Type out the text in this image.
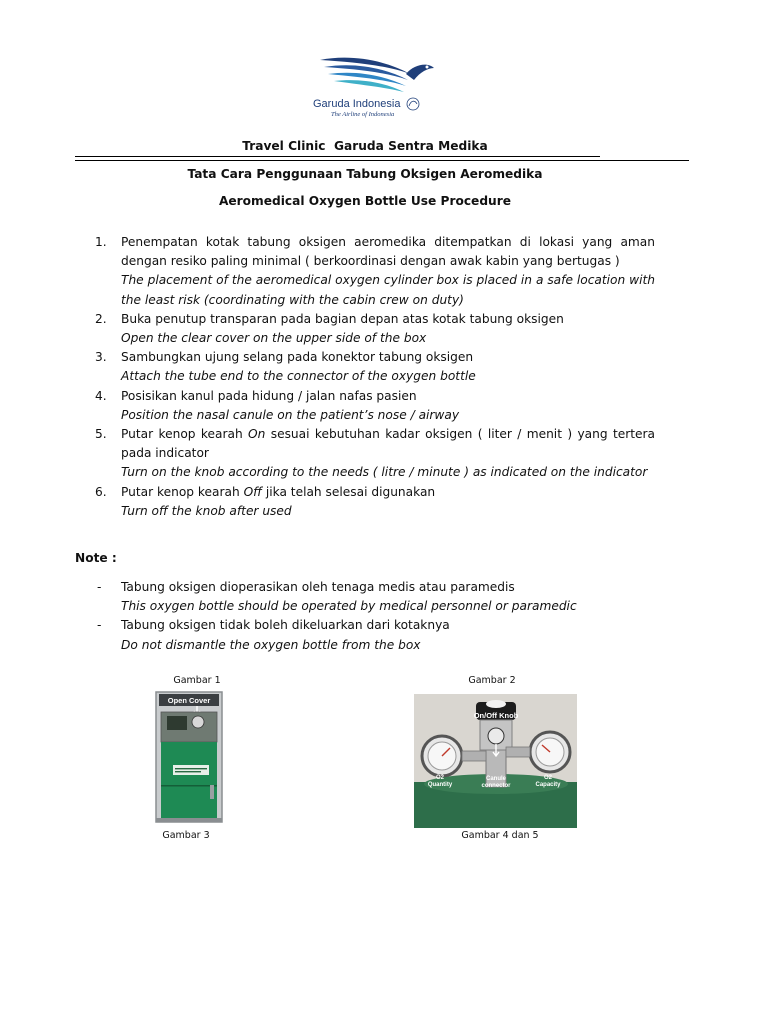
Garuda Indonesia
The Airline of Indonesia
Travel Clinic  Garuda Sentra Medika
Tata Cara Penggunaan Tabung Oksigen Aeromedika
Aeromedical Oxygen Bottle Use Procedure
1. Penempatan kotak tabung oksigen aeromedika ditempatkan di lokasi yang aman dengan resiko paling minimal ( berkoordinasi dengan awak kabin yang bertugas )
The placement of the aeromedical oxygen cylinder box is placed in a safe location with the least risk (coordinating with the cabin crew on duty)
2. Buka penutup transparan pada bagian depan atas kotak tabung oksigen
Open the clear cover on the upper side of the box
3. Sambungkan ujung selang pada konektor tabung oksigen
Attach the tube end to the connector of the oxygen bottle
4. Posisikan kanul pada hidung / jalan nafas pasien
Position the nasal canule on the patient’s nose / airway
5. Putar kenop kearah On sesuai kebutuhan kadar oksigen ( liter / menit ) yang tertera pada indicator
Turn on the knob according to the needs ( litre / minute ) as indicated on the indicator
6. Putar kenop kearah Off jika telah selesai digunakan
Turn off the knob after used
Note :
- Tabung oksigen dioperasikan oleh tenaga medis atau paramedis
This oxygen bottle should be operated by medical personnel or paramedic
- Tabung oksigen tidak boleh dikeluarkan dari kotaknya
Do not dismantle the oxygen bottle from the box
Gambar 1	Gambar 2
Gambar 3	Gambar 4 dan 5
Open Cover
On/Off Knob
O2
Quantity
Canule
connector
O2
Capacity
